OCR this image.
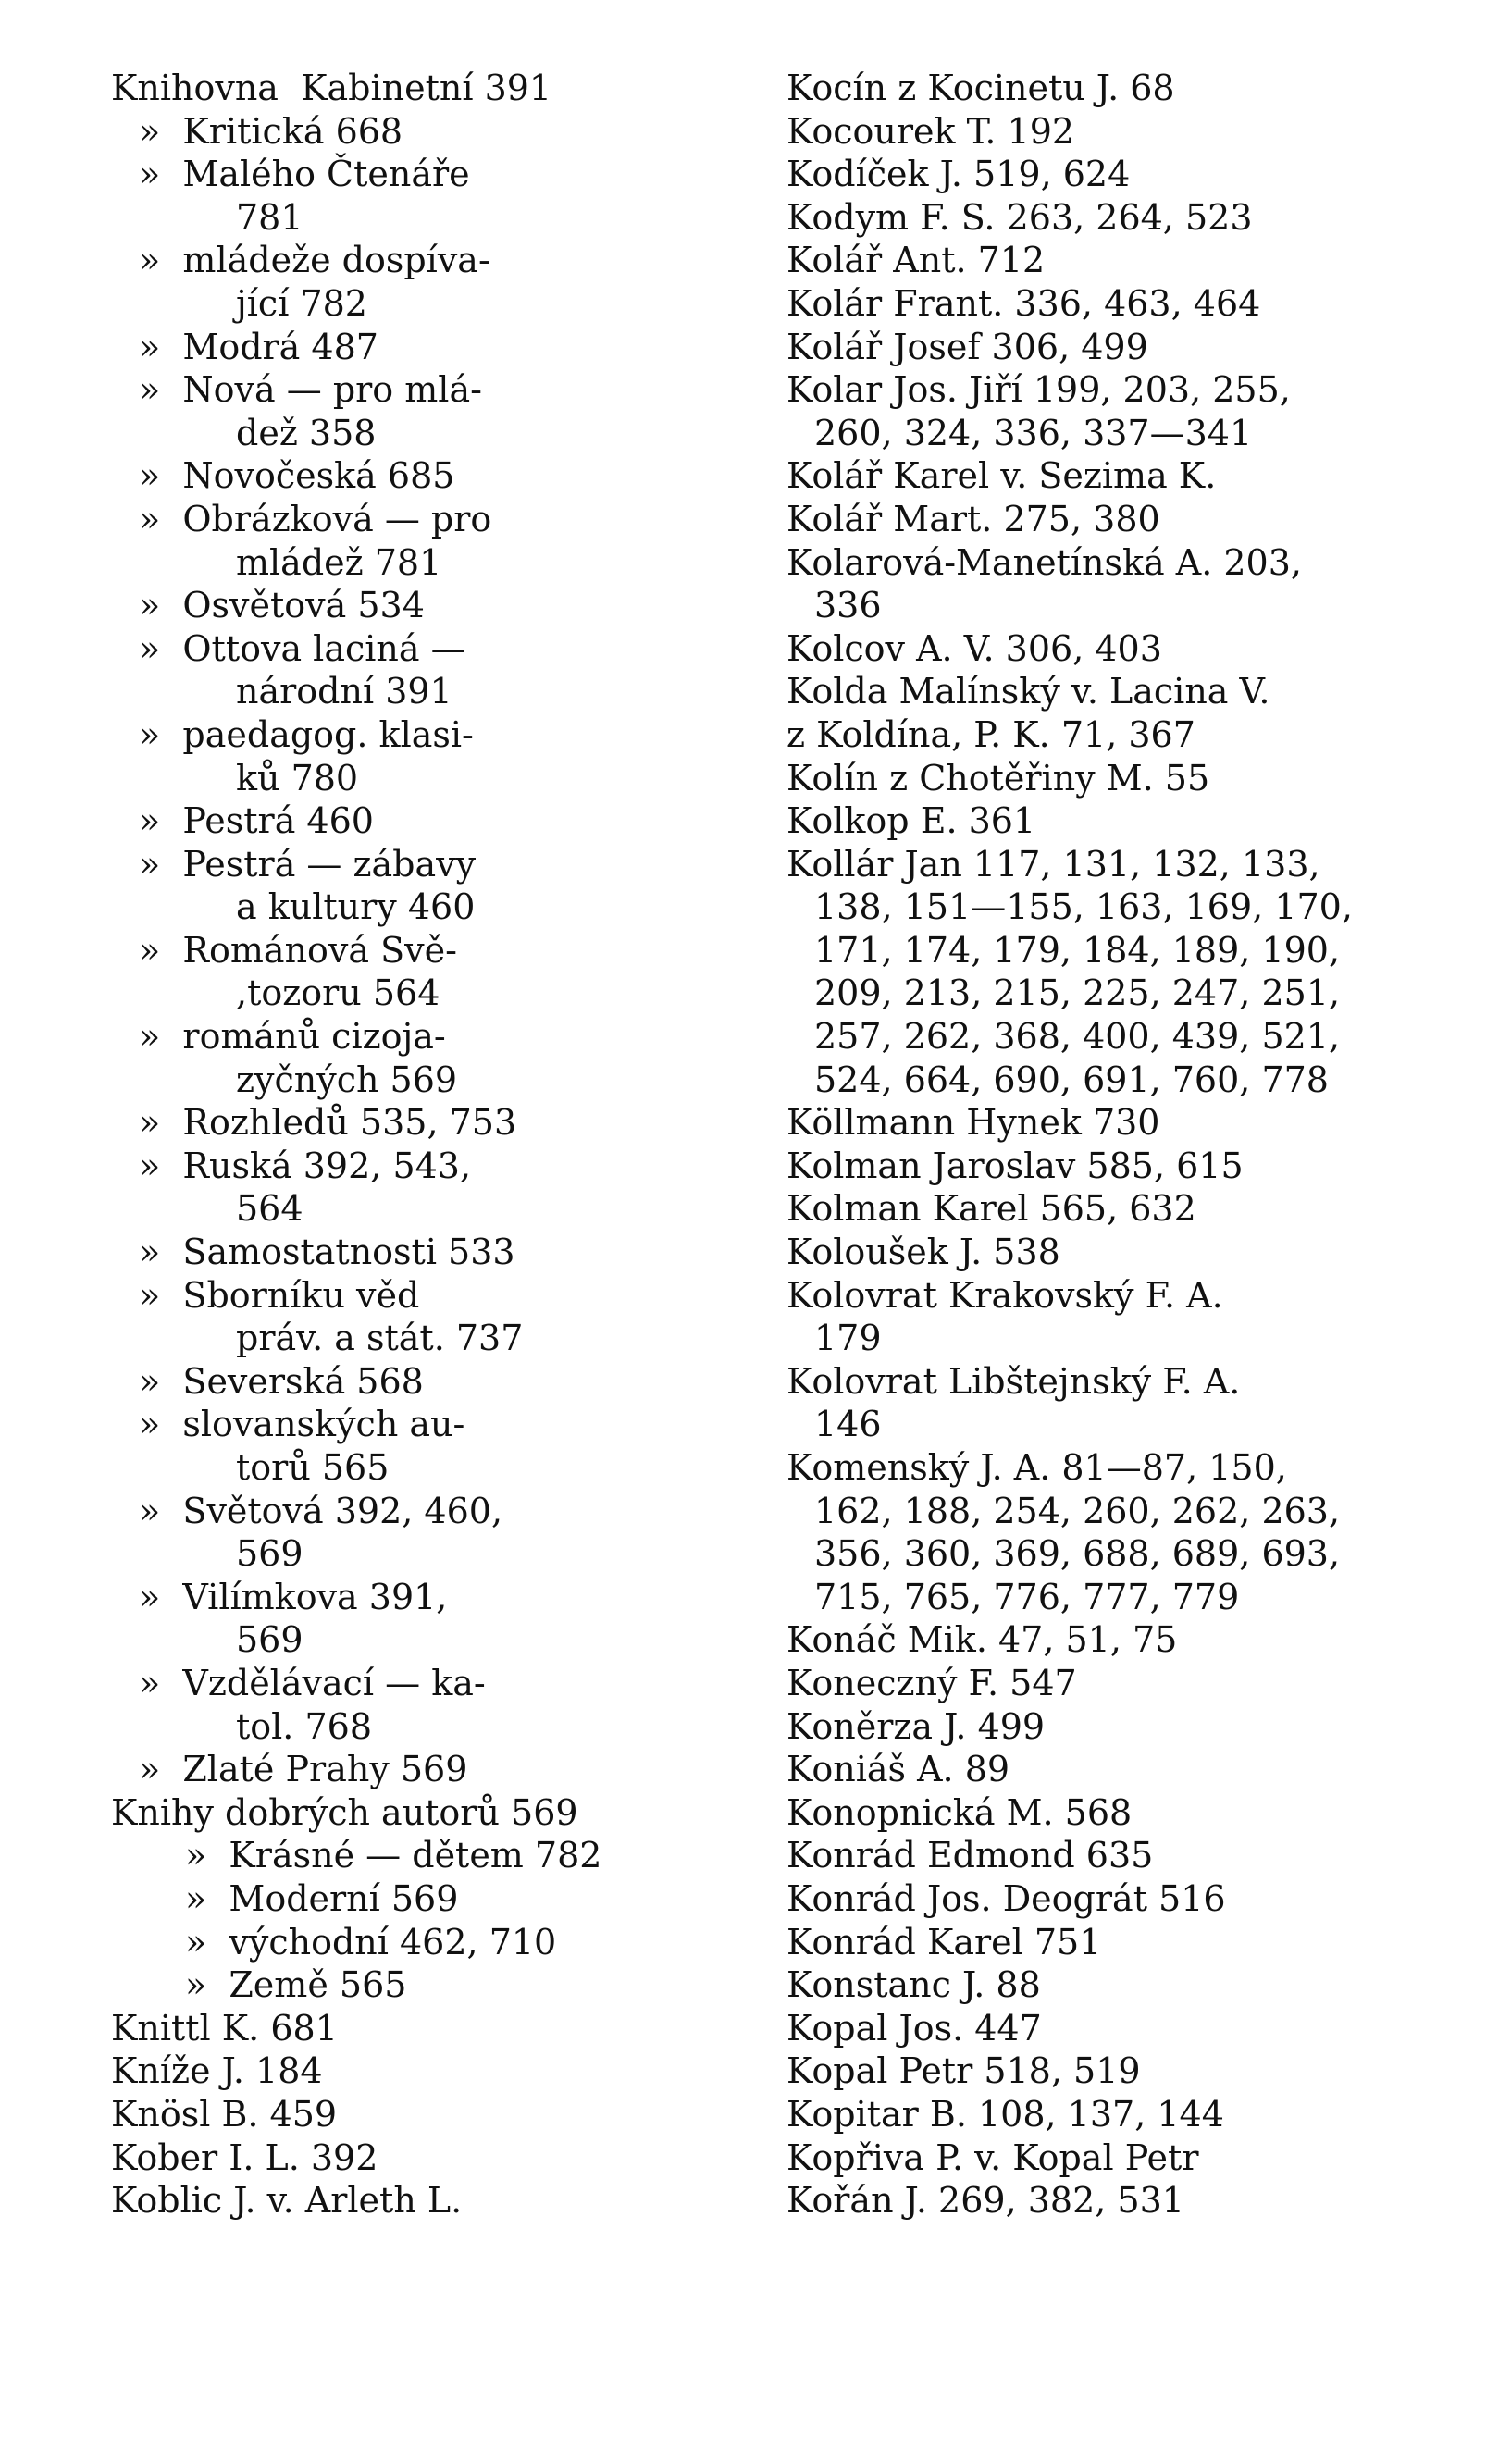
Knihovna  Kabinetní 391
»  Kritická 668
»  Malého Čtenáře
781
»  mládeže dospíva-
jící 782
»  Modrá 487
»  Nová — pro mlá-
dež 358
»  Novočeská 685
»  Obrázková — pro
mládež 781
»  Osvětová 534
»  Ottova laciná —
národní 391
»  paedagog. klasi-
ků 780
»  Pestrá 460
»  Pestrá — zábavy
a kultury 460
»  Románová Svě-
,tozoru 564
»  románů cizoja-
zyčných 569
»  Rozhledů 535, 753
»  Ruská 392, 543,
564
»  Samostatnosti 533
»  Sborníku věd
práv. a stát. 737
»  Severská 568
»  slovanských au-
torů 565
»  Světová 392, 460,
569
»  Vilímkova 391,
569
»  Vzdělávací — ka-
tol. 768
»  Zlaté Prahy 569
Knihy dobrých autorů 569
»  Krásné — dětem 782
»  Moderní 569
»  východní 462, 710
»  Země 565
Knittl K. 681
Kníže J. 184
Knösl B. 459
Kober I. L. 392
Koblic J. v. Arleth L.
Kocín z Kocinetu J. 68
Kocourek T. 192
Kodíček J. 519, 624
Kodym F. S. 263, 264, 523
Kolář Ant. 712
Kolár Frant. 336, 463, 464
Kolář Josef 306, 499
Kolar Jos. Jiří 199, 203, 255,
260, 324, 336, 337—341
Kolář Karel v. Sezima K.
Kolář Mart. 275, 380
Kolarová-Manetínská A. 203,
336
Kolcov A. V. 306, 403
Kolda Malínský v. Lacina V.
z Koldína, P. K. 71, 367
Kolín z Chotěřiny M. 55
Kolkop E. 361
Kollár Jan 117, 131, 132, 133,
138, 151—155, 163, 169, 170,
171, 174, 179, 184, 189, 190,
209, 213, 215, 225, 247, 251,
257, 262, 368, 400, 439, 521,
524, 664, 690, 691, 760, 778
Köllmann Hynek 730
Kolman Jaroslav 585, 615
Kolman Karel 565, 632
Koloušek J. 538
Kolovrat Krakovský F. A.
179
Kolovrat Libštejnský F. A.
146
Komenský J. A. 81—87, 150,
162, 188, 254, 260, 262, 263,
356, 360, 369, 688, 689, 693,
715, 765, 776, 777, 779
Konáč Mik. 47, 51, 75
Koneczný F. 547
Koněrza J. 499
Koniáš A. 89
Konopnická M. 568
Konrád Edmond 635
Konrád Jos. Deográt 516
Konrád Karel 751
Konstanc J. 88
Kopal Jos. 447
Kopal Petr 518, 519
Kopitar B. 108, 137, 144
Kopřiva P. v. Kopal Petr
Kořán J. 269, 382, 531
